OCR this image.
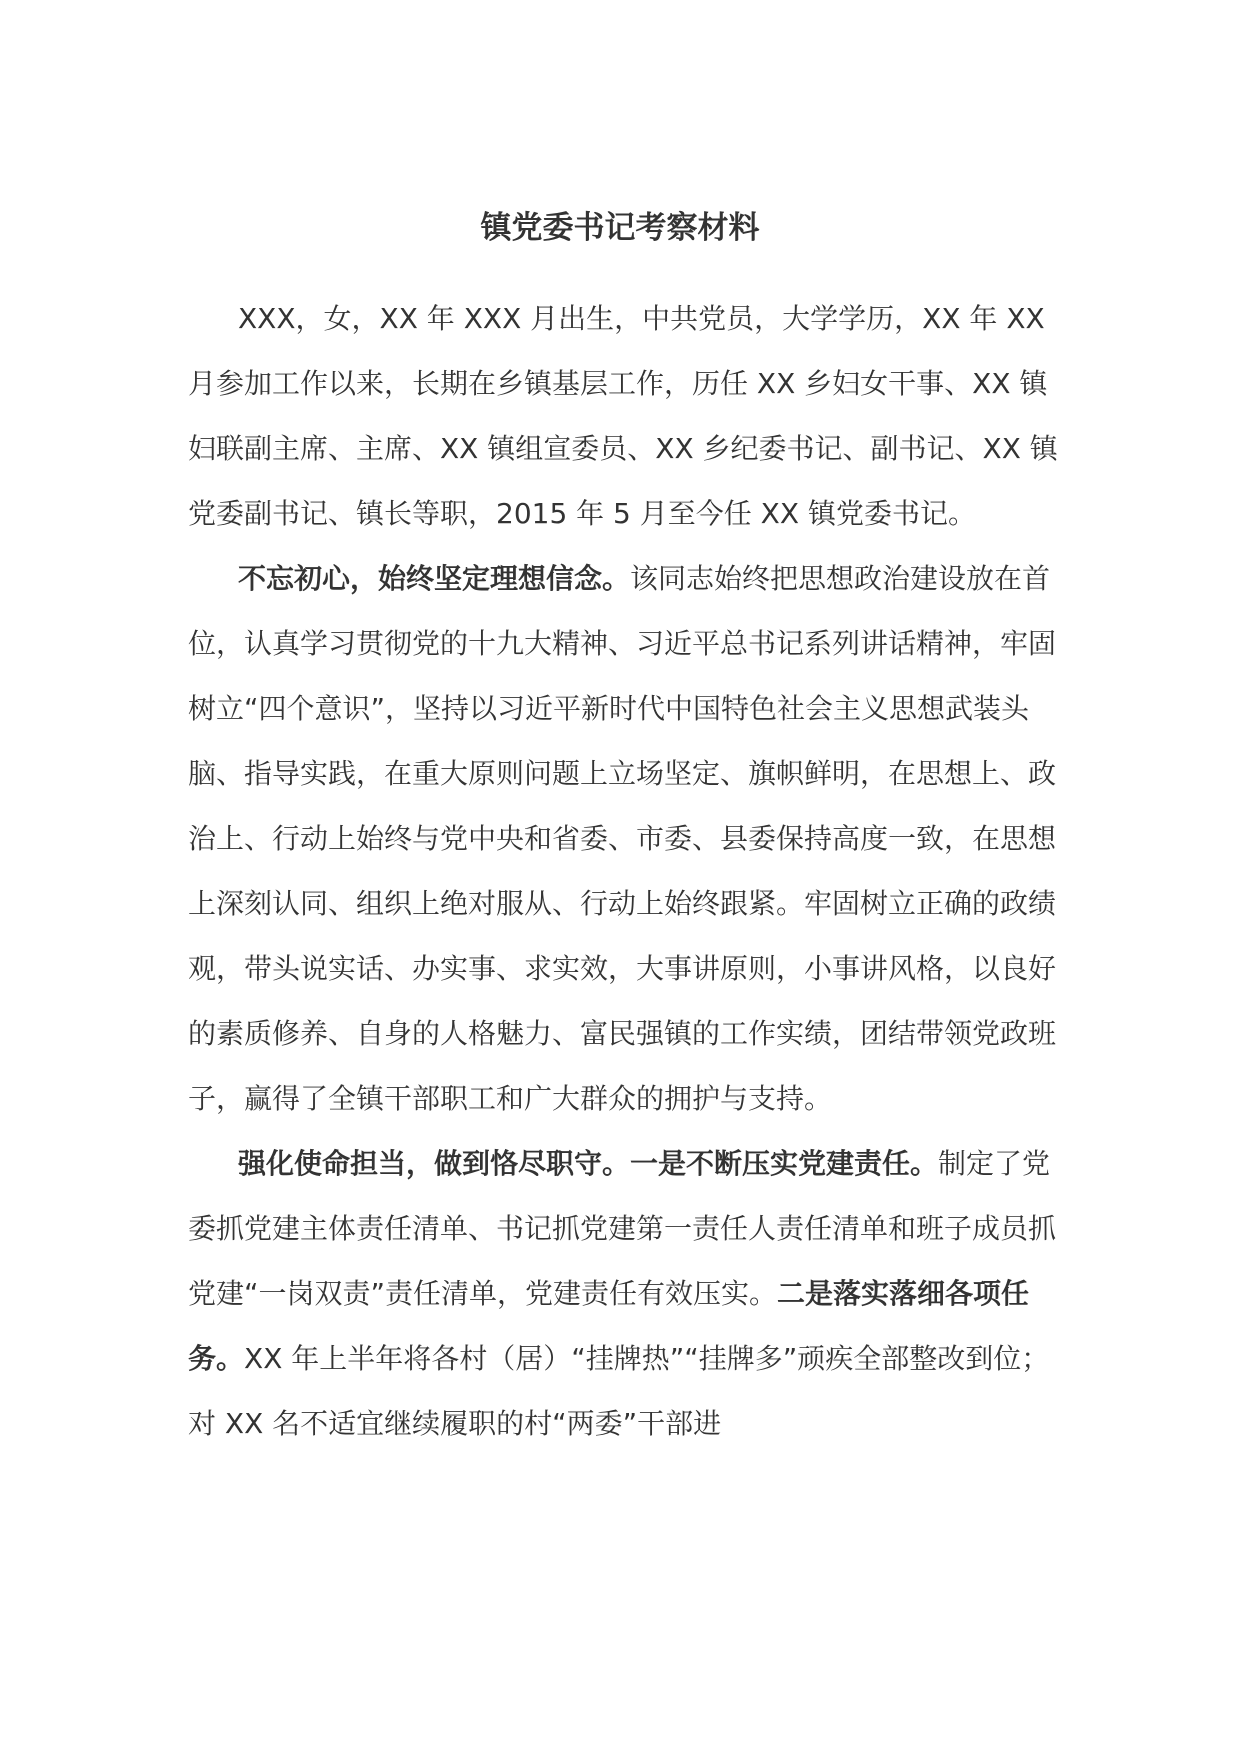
镇党委书记考察材料

XXX，女，XX 年 XXX 月出生，中共党员，大学学历，XX 年 XX 月参加工作以来，长期在乡镇基层工作，历任 XX 乡妇女干事、XX 镇妇联副主席、主席、XX 镇组宣委员、XX 乡纪委书记、副书记、XX 镇党委副书记、镇长等职，2015 年 5 月至今任 XX 镇党委书记。

不忘初心，始终坚定理想信念。该同志始终把思想政治建设放在首位，认真学习贯彻党的十九大精神、习近平总书记系列讲话精神，牢固树立“四个意识”，坚持以习近平新时代中国特色社会主义思想武装头脑、指导实践，在重大原则问题上立场坚定、旗帜鲜明，在思想上、政治上、行动上始终与党中央和省委、市委、县委保持高度一致，在思想上深刻认同、组织上绝对服从、行动上始终跟紧。牢固树立正确的政绩观，带头说实话、办实事、求实效，大事讲原则，小事讲风格，以良好的素质修养、自身的人格魅力、富民强镇的工作实绩，团结带领党政班子，赢得了全镇干部职工和广大群众的拥护与支持。

强化使命担当，做到恪尽职守。一是不断压实党建责任。制定了党委抓党建主体责任清单、书记抓党建第一责任人责任清单和班子成员抓党建“一岗双责”责任清单，党建责任有效压实。二是落实落细各项任务。XX 年上半年将各村（居）“挂牌热”“挂牌多”顽疾全部整改到位；对 XX 名不适宜继续履职的村“两委”干部进
